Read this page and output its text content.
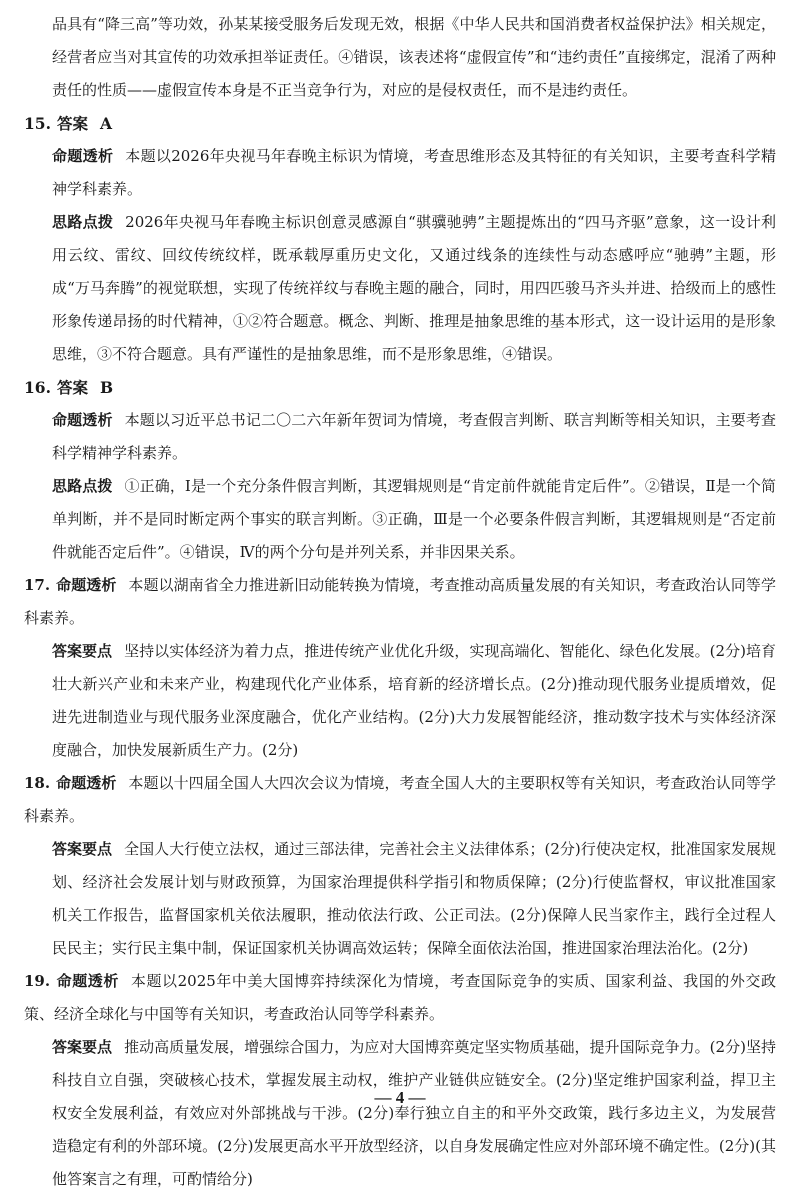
品具有“降三高”等功效，孙某某接受服务后发现无效，根据《中华人民共和国消费者权益保护法》相关规定，经营者应当对其宣传的功效承担举证责任。④错误，该表述将“虚假宣传”和“违约责任”直接绑定，混淆了两种责任的性质——虚假宣传本身是不正当竞争行为，对应的是侵权责任，而不是违约责任。

15. 答案 A

命题透析 本题以2026年央视马年春晚主标识为情境，考查思维形态及其特征的有关知识，主要考查科学精神学科素养。

思路点拨 2026年央视马年春晚主标识创意灵感源自“骐骥驰骋”主题提炼出的“四马齐驱”意象，这一设计利用云纹、雷纹、回纹传统纹样，既承载厚重历史文化，又通过线条的连续性与动态感呼应“驰骋”主题，形成“万马奔腾”的视觉联想，实现了传统祥纹与春晚主题的融合，同时，用四匹骏马齐头并进、拾级而上的感性形象传递昂扬的时代精神，①②符合题意。概念、判断、推理是抽象思维的基本形式，这一设计运用的是形象思维，③不符合题意。具有严谨性的是抽象思维，而不是形象思维，④错误。

16. 答案 B

命题透析 本题以习近平总书记二〇二六年新年贺词为情境，考查假言判断、联言判断等相关知识，主要考查科学精神学科素养。

思路点拨 ①正确，Ⅰ是一个充分条件假言判断，其逻辑规则是“肯定前件就能肯定后件”。②错误，Ⅱ是一个简单判断，并不是同时断定两个事实的联言判断。③正确，Ⅲ是一个必要条件假言判断，其逻辑规则是“否定前件就能否定后件”。④错误，Ⅳ的两个分句是并列关系，并非因果关系。

17. 命题透析 本题以湖南省全力推进新旧动能转换为情境，考查推动高质量发展的有关知识，考查政治认同等学科素养。

答案要点 坚持以实体经济为着力点，推进传统产业优化升级，实现高端化、智能化、绿色化发展。(2分)培育壮大新兴产业和未来产业，构建现代化产业体系，培育新的经济增长点。(2分)推动现代服务业提质增效，促进先进制造业与现代服务业深度融合，优化产业结构。(2分)大力发展智能经济，推动数字技术与实体经济深度融合，加快发展新质生产力。(2分)

18. 命题透析 本题以十四届全国人大四次会议为情境，考查全国人大的主要职权等有关知识，考查政治认同等学科素养。

答案要点 全国人大行使立法权，通过三部法律，完善社会主义法律体系；(2分)行使决定权，批准国家发展规划、经济社会发展计划与财政预算，为国家治理提供科学指引和物质保障；(2分)行使监督权，审议批准国家机关工作报告，监督国家机关依法履职，推动依法行政、公正司法。(2分)保障人民当家作主，践行全过程人民民主；实行民主集中制，保证国家机关协调高效运转；保障全面依法治国，推进国家治理法治化。(2分)

19. 命题透析 本题以2025年中美大国博弈持续深化为情境，考查国际竞争的实质、国家利益、我国的外交政策、经济全球化与中国等有关知识，考查政治认同等学科素养。

答案要点 推动高质量发展，增强综合国力，为应对大国博弈奠定坚实物质基础，提升国际竞争力。(2分)坚持科技自立自强，突破核心技术，掌握发展主动权，维护产业链供应链安全。(2分)坚定维护国家利益，捍卫主权安全发展利益，有效应对外部挑战与干涉。(2分)奉行独立自主的和平外交政策，践行多边主义，为发展营造稳定有利的外部环境。(2分)发展更高水平开放型经济，以自身发展确定性应对外部环境不确定性。(2分)(其他答案言之有理，可酌情给分)

— 4 —
